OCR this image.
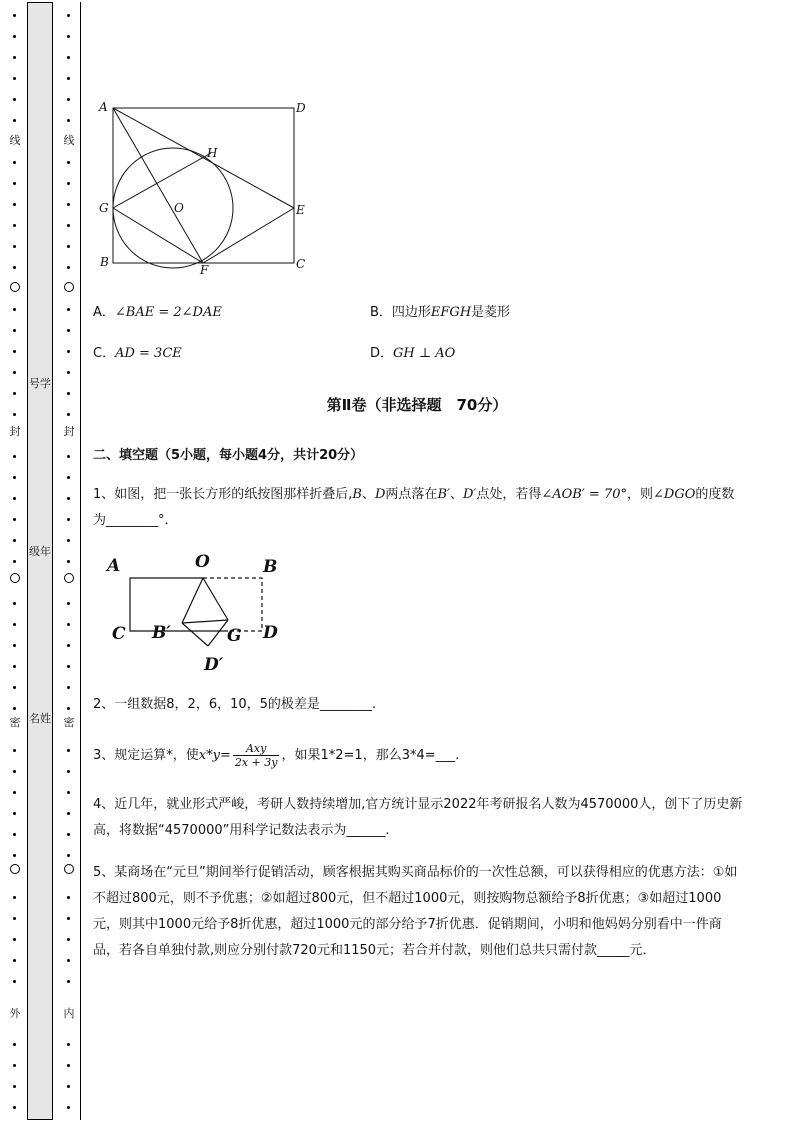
线
封
密
外
号学
级年
名姓
线
封
密
内
A	D
H
G	O	E
B
F	C
A．∠BAE = 2∠DAE	B．四边形EFGH是菱形
C．AD = 3CE	D．GH ⊥ AO
第Ⅱ卷（非选择题　70分）
二、填空题（5小题，每小题4分，共计20分）
1、如图，把一张长方形的纸按图那样折叠后,B、D两点落在B′、D′点处，若得∠AOB′ = 70°，则∠DGO的度数为________°．
A	O	B
C B′	G D
D′
2、一组数据8，2，6，10，5的极差是________.
3、规定运算*，使$x*y= \frac{\text{Axy}}{2x + 3y}$ ，如果1*2=1，那么3*4=___.
4、近几年，就业形式严峻，考研人数持续增加,官方统计显示2022年考研报名人数为4570000人，创下了历史新高，将数据“4570000”用科学记数法表示为______.
5、某商场在“元旦”期间举行促销活动，顾客根据其购买商品标价的一次性总额，可以获得相应的优惠方法：①如不超过800元，则不予优惠；②如超过800元，但不超过1000元，则按购物总额给予8折优惠；③如超过1000元，则其中1000元给予8折优惠，超过1000元的部分给予7折优惠．促销期间，小明和他妈妈分别看中一件商品，若各自单独付款,则应分别付款720元和1150元；若合并付款，则他们总共只需付款_____元．
